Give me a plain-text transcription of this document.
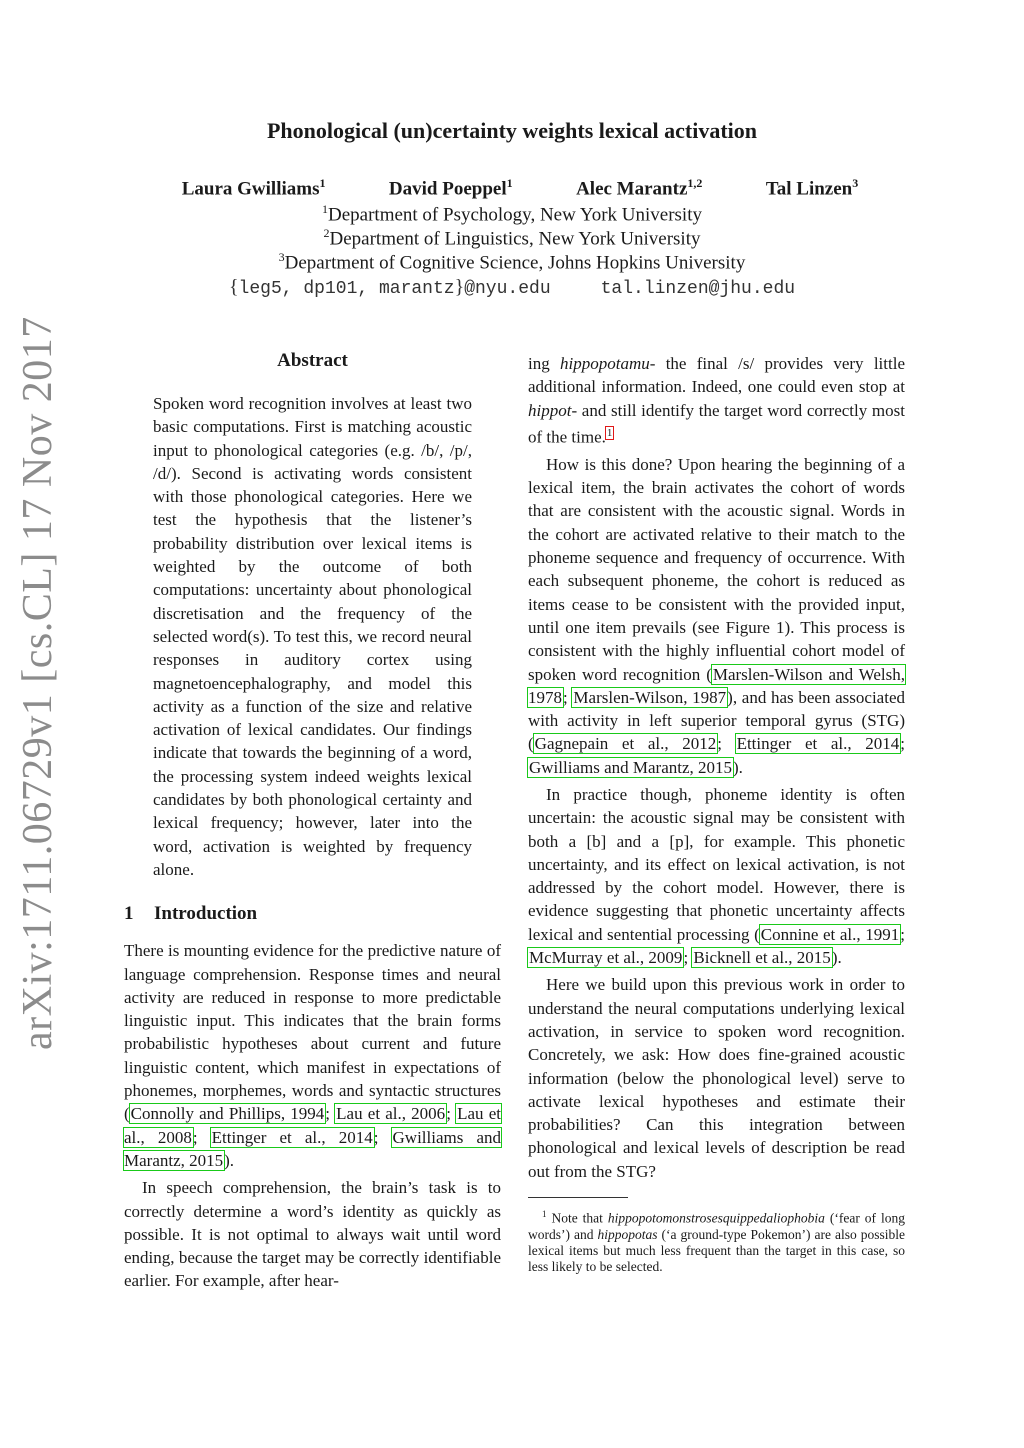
arXiv:1711.06729v1 [cs.CL] 17 Nov 2017
Phonological (un)certainty weights lexical activation
Laura Gwilliams$^1$	David Poeppel$^1$	Alec Marantz$^{1,2}$	Tal Linzen$^3$
$^1$Department of Psychology, New York University
$^2$Department of Linguistics, New York University
$^3$Department of Cognitive Science, Johns Hopkins University
{leg5, dp101, marantz}@nyu.edu	tal.linzen@jhu.edu
Abstract

Spoken word recognition involves at least two basic computations. First is matching acoustic input to phonological categories (e.g. /b/, /p/, /d/). Second is activating words consistent with those phonological categories. Here we test the hypothesis that the listener’s probability distribution over lexical items is weighted by the outcome of both computations: uncertainty about phonological discretisation and the frequency of the selected word(s). To test this, we record neural responses in auditory cortex using magnetoencephalography, and model this activity as a function of the size and relative activation of lexical candidates. Our findings indicate that towards the beginning of a word, the processing system indeed weights lexical candidates by both phonological certainty and lexical frequency; however, later into the word, activation is weighted by frequency alone.

1 Introduction

There is mounting evidence for the predictive nature of language comprehension. Response times and neural activity are reduced in response to more predictable linguistic input. This indicates that the brain forms probabilistic hypotheses about current and future linguistic content, which manifest in expectations of phonemes, morphemes, words and syntactic structures (Connolly and Phillips, 1994; Lau et al., 2006; Lau et al., 2008; Ettinger et al., 2014; Gwilliams and Marantz, 2015).

In speech comprehension, the brain’s task is to correctly determine a word’s identity as quickly as possible. It is not optimal to always wait until word ending, because the target may be correctly identifiable earlier. For example, after hear-

ing hippopotamu- the final /s/ provides very little additional information. Indeed, one could even stop at hippot- and still identify the target word correctly most of the time.$^1$

How is this done? Upon hearing the beginning of a lexical item, the brain activates the cohort of words that are consistent with the acoustic signal. Words in the cohort are activated relative to their match to the phoneme sequence and frequency of occurrence. With each subsequent phoneme, the cohort is reduced as items cease to be consistent with the provided input, until one item prevails (see Figure 1). This process is consistent with the highly influential cohort model of spoken word recognition (Marslen-Wilson and Welsh, 1978; Marslen-Wilson, 1987), and has been associated with activity in left superior temporal gyrus (STG) (Gagnepain et al., 2012; Ettinger et al., 2014; Gwilliams and Marantz, 2015).

In practice though, phoneme identity is often uncertain: the acoustic signal may be consistent with both a [b] and a [p], for example. This phonetic uncertainty, and its effect on lexical activation, is not addressed by the cohort model. However, there is evidence suggesting that phonetic uncertainty affects lexical and sentential processing (Connine et al., 1991; McMurray et al., 2009; Bicknell et al., 2015).

Here we build upon this previous work in order to understand the neural computations underlying lexical activation, in service to spoken word recognition. Concretely, we ask: How does fine-grained acoustic information (below the phonological level) serve to activate lexical hypotheses and estimate their probabilities? Can this integration between phonological and lexical levels of description be read out from the STG?

$^1$ Note that hippopotomonstrosesquippedaliophobia (‘fear of long words’) and hippopotas (‘a ground-type Pokemon’) are also possible lexical items but much less frequent than the target in this case, so less likely to be selected.
